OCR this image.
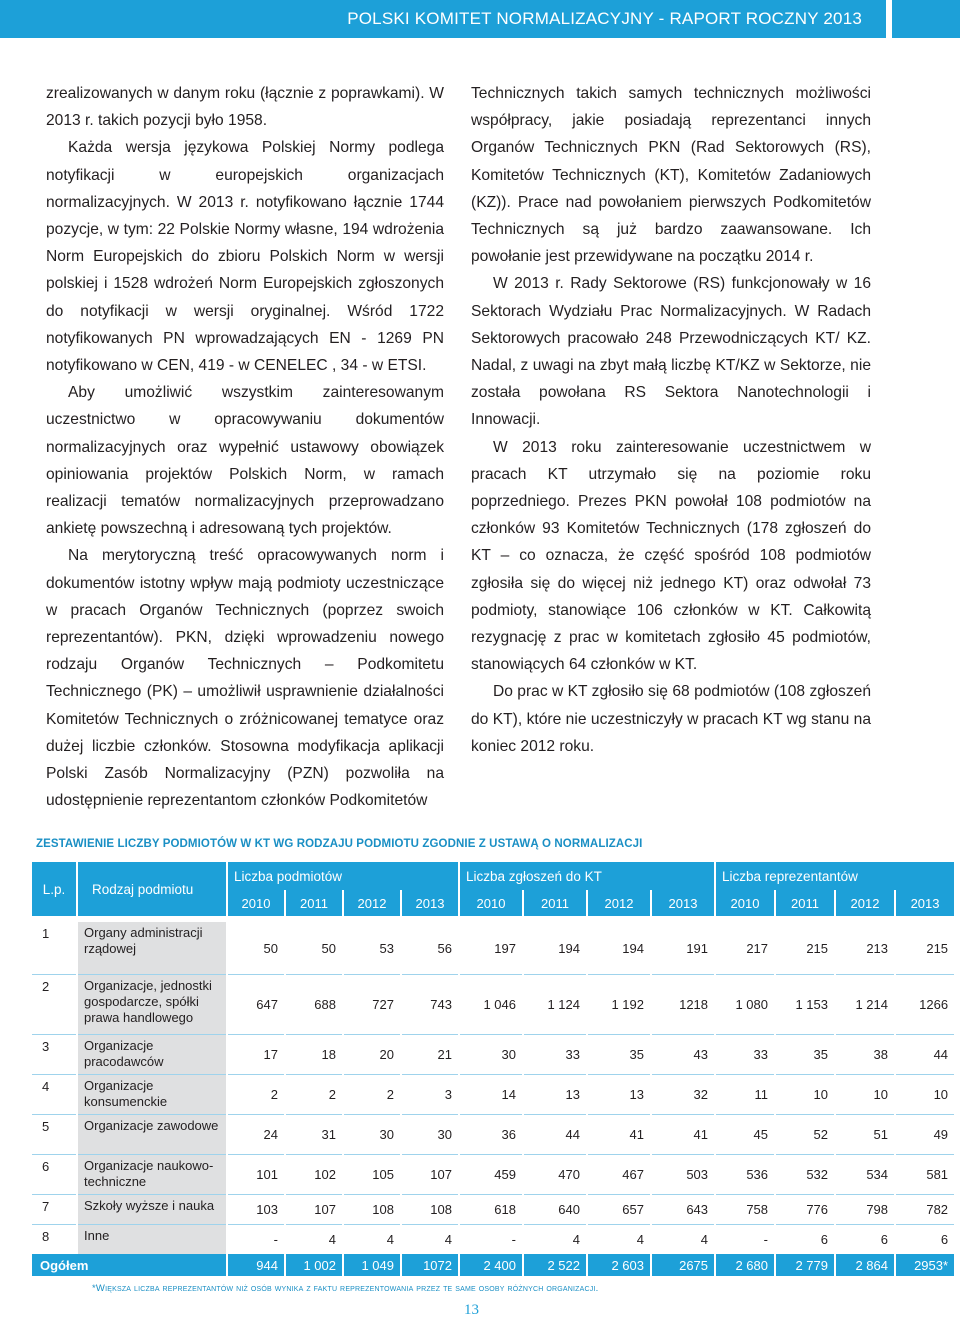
POLSKI KOMITET NORMALIZACYJNY - RAPORT ROCZNY 2013

zrealizowanych w danym roku (łącznie z poprawkami). W 2013 r. takich pozycji było 1958.

Każda wersja językowa Polskiej Normy podlega notyfikacji w europejskich organizacjach normalizacyjnych. W 2013 r. notyfikowano łącznie 1744 pozycje, w tym: 22 Polskie Normy własne, 194 wdrożenia Norm Europejskich do zbioru Polskich Norm w wersji polskiej i 1528 wdrożeń Norm Europejskich zgłoszonych do notyfikacji w wersji oryginalnej. Wśród 1722 notyfikowanych PN wprowadzających EN - 1269 PN notyfikowano w CEN, 419 - w CENELEC , 34 - w ETSI.

Aby umożliwić wszystkim zainteresowanym uczestnictwo w opracowywaniu dokumentów normalizacyjnych oraz wypełnić ustawowy obowiązek opiniowania projektów Polskich Norm, w ramach realizacji tematów normalizacyjnych przeprowadzano ankietę powszechną i adresowaną tych projektów.

Na merytoryczną treść opracowywanych norm i dokumentów istotny wpływ mają podmioty uczestniczące w pracach Organów Technicznych (poprzez swoich reprezentantów). PKN, dzięki wprowadzeniu nowego rodzaju Organów Technicznych – Podkomitetu Technicznego (PK) – umożliwił usprawnienie działalności Komitetów Technicznych o zróżnicowanej tematyce oraz dużej liczbie członków. Stosowna modyfikacja aplikacji Polski Zasób Normalizacyjny (PZN) pozwoliła na udostępnienie reprezentantom członków Podkomitetów

Technicznych takich samych technicznych możliwości współpracy, jakie posiadają reprezentanci innych Organów Technicznych PKN (Rad Sektorowych (RS), Komitetów Technicznych (KT), Komitetów Zadaniowych (KZ)). Prace nad powołaniem pierwszych Podkomitetów Technicznych są już bardzo zaawansowane. Ich powołanie jest przewidywane na początku 2014 r.

W 2013 r. Rady Sektorowe (RS) funkcjonowały w 16 Sektorach Wydziału Prac Normalizacyjnych. W Radach Sektorowych pracowało 248 Przewodniczących KT/ KZ. Nadal, z uwagi na zbyt małą liczbę KT/KZ w Sektorze, nie została powołana RS Sektora Nanotechnologii i Innowacji.

W 2013 roku zainteresowanie uczestnictwem w pracach KT utrzymało się na poziomie roku poprzedniego. Prezes PKN powołał 108 podmiotów na członków 93 Komitetów Technicznych (178 zgłoszeń do KT – co oznacza, że część spośród 108 podmiotów zgłosiła się do więcej niż jednego KT) oraz odwołał 73 podmioty, stanowiące 106 członków w KT. Całkowitą rezygnację z prac w komitetach zgłosiło 45 podmiotów, stanowiących 64 członków w KT.

Do prac w KT zgłosiło się 68 podmiotów (108 zgłoszeń do KT), które nie uczestniczyły w pracach KT wg stanu na koniec 2012 roku.

ZESTAWIENIE LICZBY PODMIOTÓW W KT WG RODZAJU PODMIOTU ZGODNIE Z USTAWĄ O NORMALIZACJI
L.p.	Rodzaj podmiotu	Liczba podmiotów				Liczba zgłoszeń do KT				Liczba reprezentantów			
		2010	2011	2012	2013	2010	2011	2012	2013	2010	2011	2012	2013

1	Organy administracji rządowej	50	50	53	56	197	194	194	191	217	215	213	215
2	Organizacje, jednostki gospodarcze, spółki prawa handlowego	647	688	727	743	1 046	1 124	1 192	1218	1 080	1 153	1 214	1266
3	Organizacje pracodawców	17	18	20	21	30	33	35	43	33	35	38	44
4	Organizacje konsumenckie	2	2	2	3	14	13	13	32	11	10	10	10
5	Organizacje zawodowe	24	31	30	30	36	44	41	41	45	52	51	49
6	Organizacje naukowo-techniczne	101	102	105	107	459	470	467	503	536	532	534	581
7	Szkoły wyższe i nauka	103	107	108	108	618	640	657	643	758	776	798	782
8	Inne	-	4	4	4	-	4	4	4	-	6	6	6
Ogółem		944	1 002	1 049	1072	2 400	2 522	2 603	2675	2 680	2 779	2 864	2953*
*Większa liczba reprezentantów niż osób wynika z faktu reprezentowania przez te same osoby różnych organizacji.
13
